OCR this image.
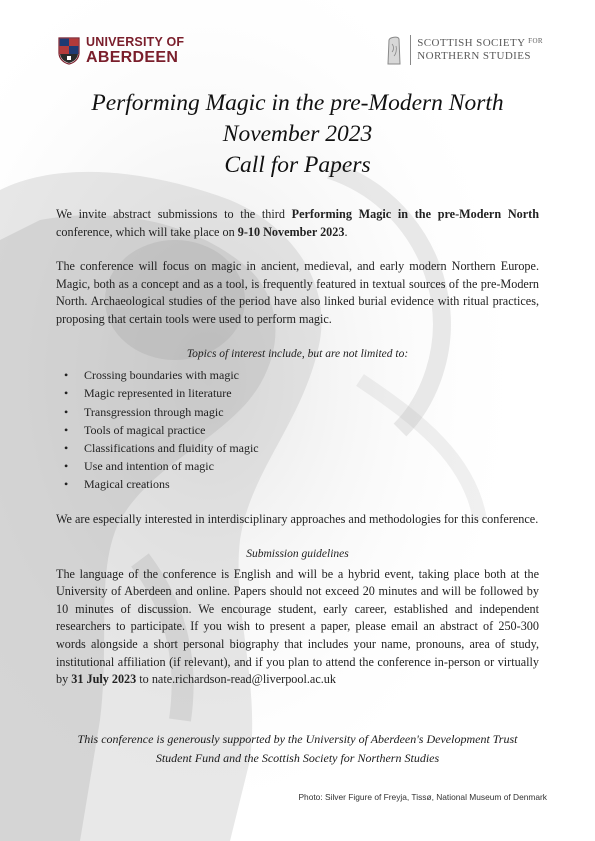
UNIVERSITY OF
ABERDEEN
SCOTTISH SOCIETY $^{FOR}$
NORTHERN STUDIES
Performing Magic in the pre-Modern North
November 2023
Call for Papers

We invite abstract submissions to the third Performing Magic in the pre-Modern North conference, which will take place on 9-10 November 2023.

The conference will focus on magic in ancient, medieval, and early modern Northern Europe. Magic, both as a concept and as a tool, is frequently featured in textual sources of the pre-Modern North. Archaeological studies of the period have also linked burial evidence with ritual practices, proposing that certain tools were used to perform magic.

Topics of interest include, but are not limited to:
• Crossing boundaries with magic
• Magic represented in literature
• Transgression through magic
• Tools of magical practice
• Classifications and fluidity of magic
• Use and intention of magic
• Magical creations

We are especially interested in interdisciplinary approaches and methodologies for this conference.

Submission guidelines

The language of the conference is English and will be a hybrid event, taking place both at the University of Aberdeen and online. Papers should not exceed 20 minutes and will be followed by 10 minutes of discussion. We encourage student, early career, established and independent researchers to participate. If you wish to present a paper, please email an abstract of 250-300 words alongside a short personal biography that includes your name, pronouns, area of study, institutional affiliation (if relevant), and if you plan to attend the conference in-person or virtually by 31 July 2023 to nate.richardson-read@liverpool.ac.uk

This conference is generously supported by the University of Aberdeen's Development Trust
Student Fund and the Scottish Society for Northern Studies
Photo: Silver Figure of Freyja, Tissø, National Museum of Denmark
